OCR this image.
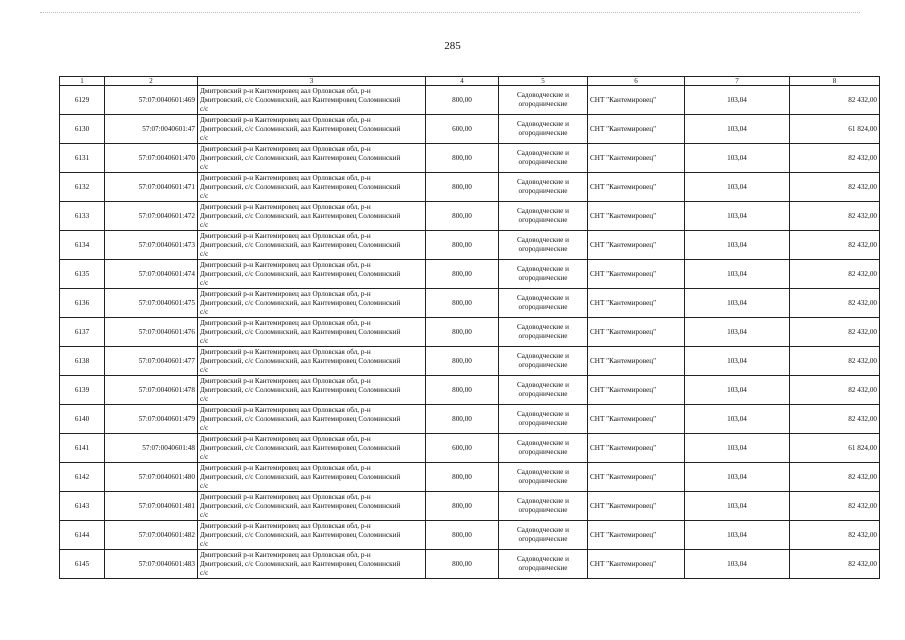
285
1	2	3	4	5	6	7	8
6129	57:07:0040601:469	Дмитровский р-н Кантемировец аал Орловская обл, р-н
Дмитровский, с/с Соломинский, аал Кантемировец Соломинский
с/с	800,00	Садоводческие и
огороднические	СНТ "Кантемировец"	103,04	82 432,00
6130	57:07:0040601:47	Дмитровский р-н Кантемировец аал Орловская обл, р-н
Дмитровский, с/с Соломинский, аал Кантемировец Соломинский
с/с	600,00	Садоводческие и
огороднические	СНТ "Кантемировец"	103,04	61 824,00
6131	57:07:0040601:470	Дмитровский р-н Кантемировец аал Орловская обл, р-н
Дмитровский, с/с Соломинский, аал Кантемировец Соломинский
с/с	800,00	Садоводческие и
огороднические	СНТ "Кантемировец"	103,04	82 432,00
6132	57:07:0040601:471	Дмитровский р-н Кантемировец аал Орловская обл, р-н
Дмитровский, с/с Соломинский, аал Кантемировец Соломинский
с/с	800,00	Садоводческие и
огороднические	СНТ "Кантемировец"	103,04	82 432,00
6133	57:07:0040601:472	Дмитровский р-н Кантемировец аал Орловская обл, р-н
Дмитровский, с/с Соломинский, аал Кантемировец Соломинский
с/с	800,00	Садоводческие и
огороднические	СНТ "Кантемировец"	103,04	82 432,00
6134	57:07:0040601:473	Дмитровский р-н Кантемировец аал Орловская обл, р-н
Дмитровский, с/с Соломинский, аал Кантемировец Соломинский
с/с	800,00	Садоводческие и
огороднические	СНТ "Кантемировец"	103,04	82 432,00
6135	57:07:0040601:474	Дмитровский р-н Кантемировец аал Орловская обл, р-н
Дмитровский, с/с Соломинский, аал Кантемировец Соломинский
с/с	800,00	Садоводческие и
огороднические	СНТ "Кантемировец"	103,04	82 432,00
6136	57:07:0040601:475	Дмитровский р-н Кантемировец аал Орловская обл, р-н
Дмитровский, с/с Соломинский, аал Кантемировец Соломинский
с/с	800,00	Садоводческие и
огороднические	СНТ "Кантемировец"	103,04	82 432,00
6137	57:07:0040601:476	Дмитровский р-н Кантемировец аал Орловская обл, р-н
Дмитровский, с/с Соломинский, аал Кантемировец Соломинский
с/с	800,00	Садоводческие и
огороднические	СНТ "Кантемировец"	103,04	82 432,00
6138	57:07:0040601:477	Дмитровский р-н Кантемировец аал Орловская обл, р-н
Дмитровский, с/с Соломинский, аал Кантемировец Соломинский
с/с	800,00	Садоводческие и
огороднические	СНТ "Кантемировец"	103,04	82 432,00
6139	57:07:0040601:478	Дмитровский р-н Кантемировец аал Орловская обл, р-н
Дмитровский, с/с Соломинский, аал Кантемировец Соломинский
с/с	800,00	Садоводческие и
огороднические	СНТ "Кантемировец"	103,04	82 432,00
6140	57:07:0040601:479	Дмитровский р-н Кантемировец аал Орловская обл, р-н
Дмитровский, с/с Соломинский, аал Кантемировец Соломинский
с/с	800,00	Садоводческие и
огороднические	СНТ "Кантемировец"	103,04	82 432,00
6141	57:07:0040601:48	Дмитровский р-н Кантемировец аал Орловская обл, р-н
Дмитровский, с/с Соломинский, аал Кантемировец Соломинский
с/с	600,00	Садоводческие и
огороднические	СНТ "Кантемировец"	103,04	61 824,00
6142	57:07:0040601:480	Дмитровский р-н Кантемировец аал Орловская обл, р-н
Дмитровский, с/с Соломинский, аал Кантемировец Соломинский
с/с	800,00	Садоводческие и
огороднические	СНТ "Кантемировец"	103,04	82 432,00
6143	57:07:0040601:481	Дмитровский р-н Кантемировец аал Орловская обл, р-н
Дмитровский, с/с Соломинский, аал Кантемировец Соломинский
с/с	800,00	Садоводческие и
огороднические	СНТ "Кантемировец"	103,04	82 432,00
6144	57:07:0040601:482	Дмитровский р-н Кантемировец аал Орловская обл, р-н
Дмитровский, с/с Соломинский, аал Кантемировец Соломинский
с/с	800,00	Садоводческие и
огороднические	СНТ "Кантемировец"	103,04	82 432,00
6145	57:07:0040601:483	Дмитровский р-н Кантемировец аал Орловская обл, р-н
Дмитровский, с/с Соломинский, аал Кантемировец Соломинский
с/с	800,00	Садоводческие и
огороднические	СНТ "Кантемировец"	103,04	82 432,00
